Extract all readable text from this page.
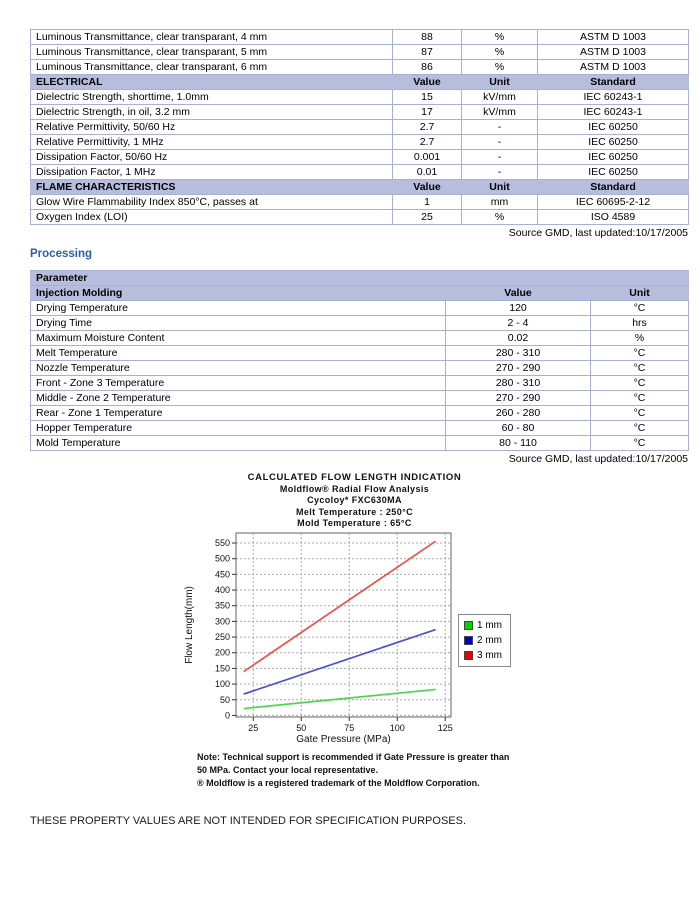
Luminous Transmittance, clear transparant, 4 mm	88	%	ASTM D 1003
Luminous Transmittance, clear transparant, 5 mm	87	%	ASTM D 1003
Luminous Transmittance, clear transparant, 6 mm	86	%	ASTM D 1003
ELECTRICAL	Value	Unit	Standard
Dielectric Strength, shorttime, 1.0mm	15	kV/mm	IEC 60243-1
Dielectric Strength, in oil, 3.2 mm	17	kV/mm	IEC 60243-1
Relative Permittivity, 50/60 Hz	2.7	-	IEC 60250
Relative Permittivity, 1 MHz	2.7	-	IEC 60250
Dissipation Factor, 50/60 Hz	0.001	-	IEC 60250
Dissipation Factor, 1 MHz	0.01	-	IEC 60250
FLAME CHARACTERISTICS	Value	Unit	Standard
Glow Wire Flammability Index 850°C, passes at	1	mm	IEC 60695-2-12
Oxygen Index (LOI)	25	%	ISO 4589
Source GMD, last updated:10/17/2005
Processing
Parameter		
Injection Molding	Value	Unit
Drying Temperature	120	°C
Drying Time	2 - 4	hrs
Maximum Moisture Content	0.02	%
Melt Temperature	280 - 310	°C
Nozzle Temperature	270 - 290	°C
Front - Zone 3 Temperature	280 - 310	°C
Middle - Zone 2 Temperature	270 - 290	°C
Rear - Zone 1 Temperature	260 - 280	°C
Hopper Temperature	60 - 80	°C
Mold Temperature	80 - 110	°C
Source GMD, last updated:10/17/2005
CALCULATED FLOW LENGTH INDICATION
Moldflow® Radial Flow Analysis
Cycoloy* FXC630MA
Melt Temperature : 250°C
Mold Temperature : 65°C
25	50	75	100	125
0
50
100
150
200
250
300
350
400
450
500
550
Flow Length(mm)
Gate Pressure (MPa)
1 mm
2 mm
3 mm

Note: Technical support is recommended if Gate Pressure is greater than 50 MPa. Contact your local representative.

® Moldflow is a registered trademark of the Moldflow Corporation.

THESE PROPERTY VALUES ARE NOT INTENDED FOR SPECIFICATION PURPOSES.
